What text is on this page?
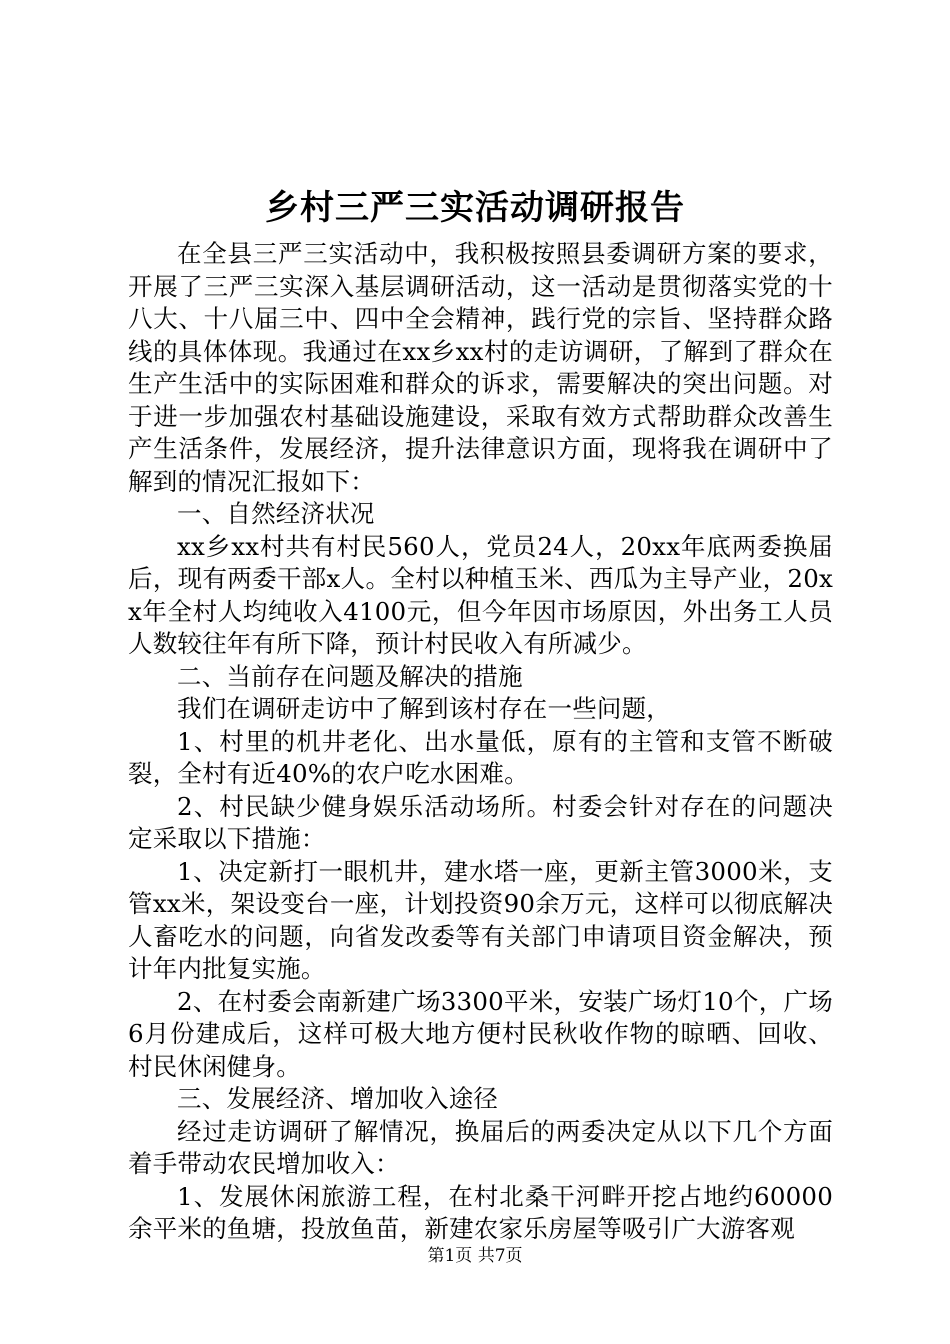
乡村三严三实活动调研报告

在全县三严三实活动中，我积极按照县委调研方案的要求，开展了三严三实深入基层调研活动，这一活动是贯彻落实党的十八大、十八届三中、四中全会精神，践行党的宗旨、坚持群众路线的具体体现。我通过在xx乡xx村的走访调研，了解到了群众在生产生活中的实际困难和群众的诉求，需要解决的突出问题。对于进一步加强农村基础设施建设，采取有效方式帮助群众改善生产生活条件，发展经济，提升法律意识方面，现将我在调研中了解到的情况汇报如下：

一、自然经济状况

xx乡xx村共有村民560人，党员24人，20xx年底两委换届后，现有两委干部x人。全村以种植玉米、西瓜为主导产业，20xx年全村人均纯收入4100元，但今年因市场原因，外出务工人员人数较往年有所下降，预计村民收入有所减少。

二、当前存在问题及解决的措施

我们在调研走访中了解到该村存在一些问题，

1、村里的机井老化、出水量低，原有的主管和支管不断破裂，全村有近40%的农户吃水困难。

2、村民缺少健身娱乐活动场所。村委会针对存在的问题决定采取以下措施：

1、决定新打一眼机井，建水塔一座，更新主管3000米，支管xx米，架设变台一座，计划投资90余万元，这样可以彻底解决人畜吃水的问题，向省发改委等有关部门申请项目资金解决，预计年内批复实施。

2、在村委会南新建广场3300平米，安装广场灯10个，广场6月份建成后，这样可极大地方便村民秋收作物的晾晒、回收、村民休闲健身。

三、发展经济、增加收入途径

经过走访调研了解情况，换届后的两委决定从以下几个方面着手带动农民增加收入：

1、发展休闲旅游工程，在村北桑干河畔开挖占地约60000余平米的鱼塘，投放鱼苗，新建农家乐房屋等吸引广大游客观

第1页 共7页
